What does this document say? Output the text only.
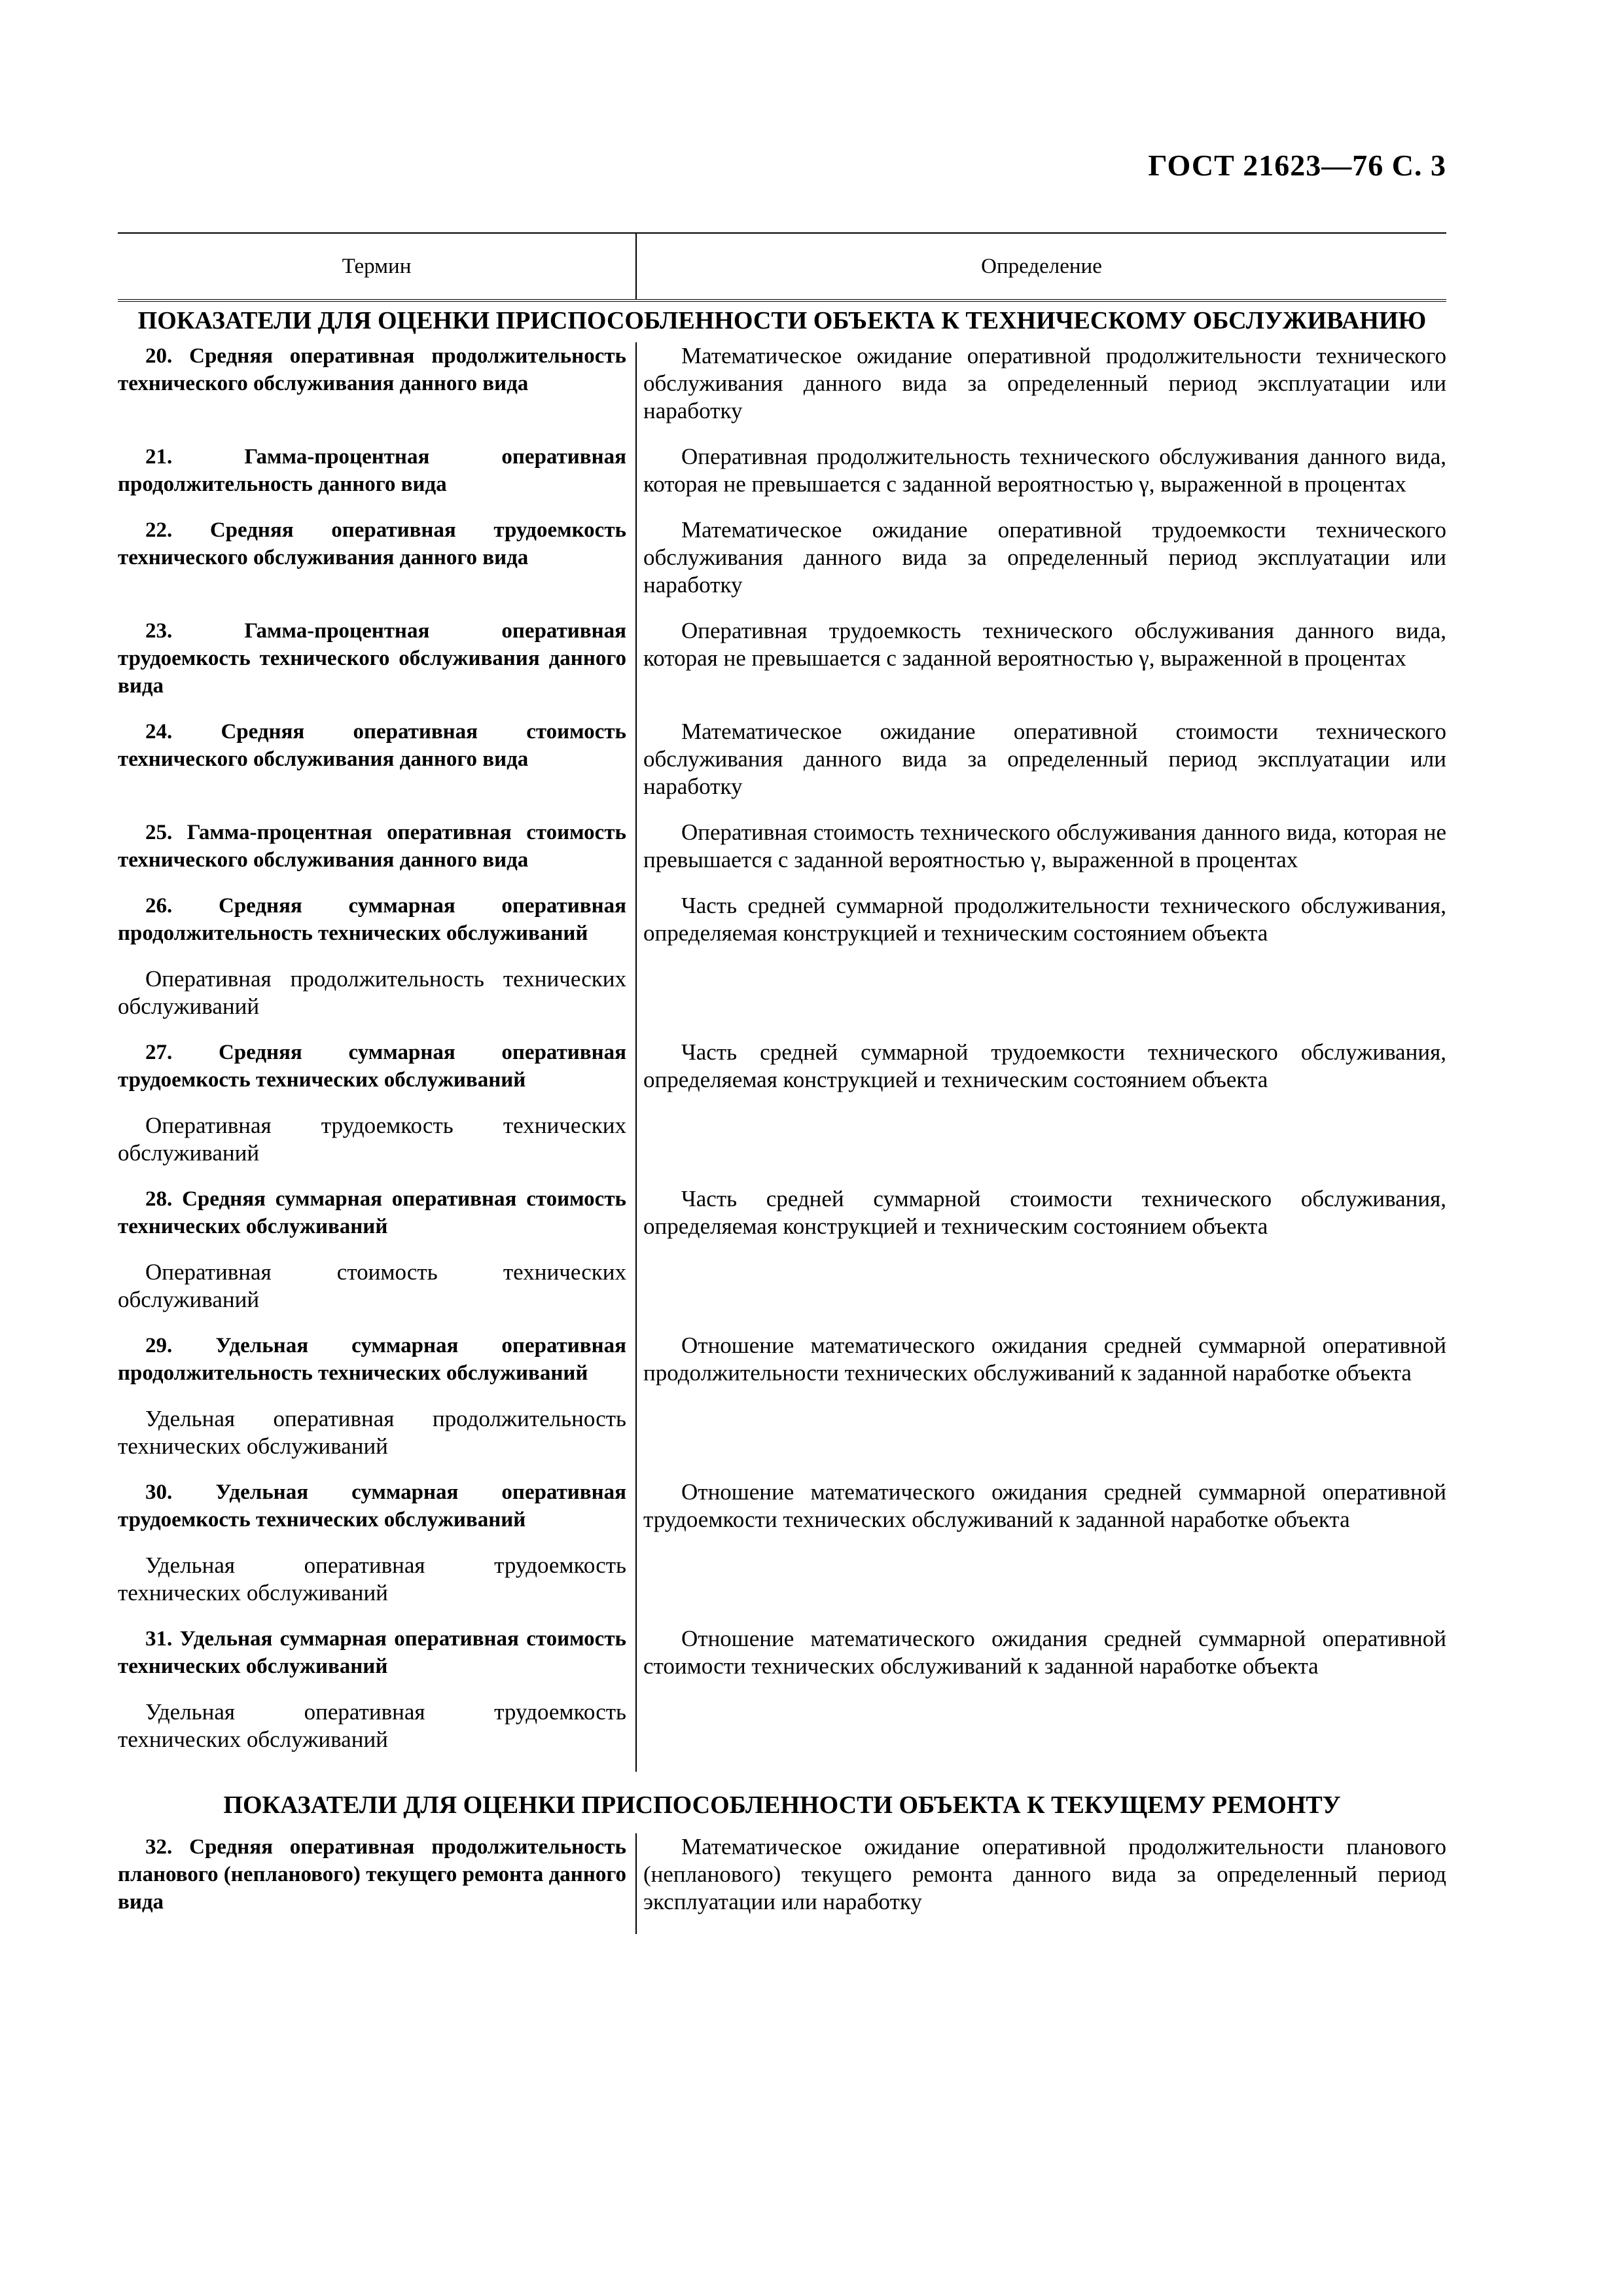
ГОСТ 21623—76 С. 3
Термин	Определение
ПОКАЗАТЕЛИ ДЛЯ ОЦЕНКИ ПРИСПОСОБЛЕННОСТИ ОБЪЕКТА К ТЕХНИЧЕСКОМУ ОБСЛУЖИВАНИЮ
20. Средняя оперативная продолжительность технического обслуживания данного вида
Математическое ожидание оперативной продолжительности технического обслуживания данного вида за определенный период эксплуатации или наработку
21. Гамма-процентная оперативная продолжительность данного вида
Оперативная продолжительность технического обслуживания данного вида, которая не превышается с заданной вероятностью γ, выраженной в процентах
22. Средняя оперативная трудоемкость технического обслуживания данного вида
Математическое ожидание оперативной трудоемкости технического обслуживания данного вида за определенный период эксплуатации или наработку
23. Гамма-процентная оперативная трудоемкость технического обслуживания данного вида
Оперативная трудоемкость технического обслуживания данного вида, которая не превышается с заданной вероятностью γ, выраженной в процентах
24. Средняя оперативная стоимость технического обслуживания данного вида
Математическое ожидание оперативной стоимости технического обслуживания данного вида за определенный период эксплуатации или наработку
25. Гамма-процентная оперативная стоимость технического обслуживания данного вида
Оперативная стоимость технического обслуживания данного вида, которая не превышается с заданной вероятностью γ, выраженной в процентах
26. Средняя суммарная оперативная продолжительность технических обслуживаний
Оперативная продолжительность технических обслуживаний
Часть средней суммарной продолжительности технического обслуживания, определяемая конструкцией и техническим состоянием объекта
27. Средняя суммарная оперативная трудоемкость технических обслуживаний
Оперативная трудоемкость технических обслуживаний
Часть средней суммарной трудоемкости технического обслуживания, определяемая конструкцией и техническим состоянием объекта
28. Средняя суммарная оперативная стоимость технических обслуживаний
Оперативная стоимость технических обслуживаний
Часть средней суммарной стоимости технического обслуживания, определяемая конструкцией и техническим состоянием объекта
29. Удельная суммарная оперативная продолжительность технических обслуживаний
Удельная оперативная продолжительность технических обслуживаний
Отношение математического ожидания средней суммарной оперативной продолжительности технических обслуживаний к заданной наработке объекта
30. Удельная суммарная оперативная трудоемкость технических обслуживаний
Удельная оперативная трудоемкость технических обслуживаний
Отношение математического ожидания средней суммарной оперативной трудоемкости технических обслуживаний к заданной наработке объекта
31. Удельная суммарная оперативная стоимость технических обслуживаний
Удельная оперативная трудоемкость технических обслуживаний
Отношение математического ожидания средней суммарной оперативной стоимости технических обслуживаний к заданной наработке объекта
ПОКАЗАТЕЛИ ДЛЯ ОЦЕНКИ ПРИСПОСОБЛЕННОСТИ ОБЪЕКТА К ТЕКУЩЕМУ РЕМОНТУ
32. Средняя оперативная продолжительность планового (непланового) текущего ремонта данного вида
Математическое ожидание оперативной продолжительности планового (непланового) текущего ремонта данного вида за определенный период эксплуатации или наработку
